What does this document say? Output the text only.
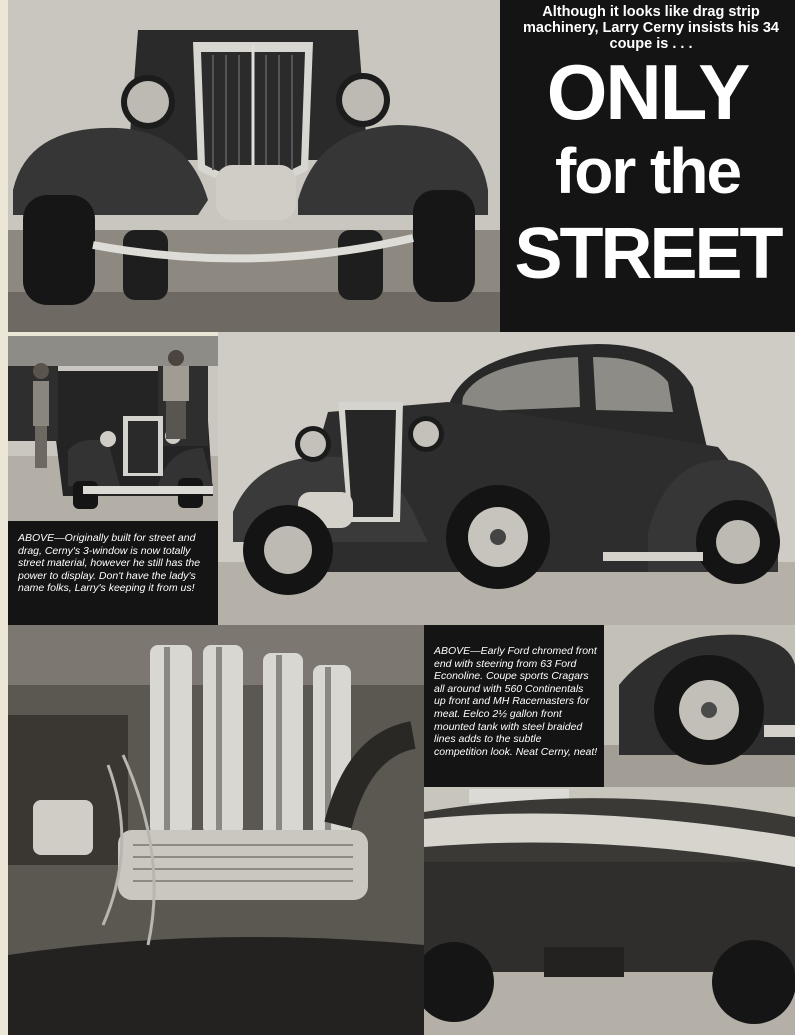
Although it looks like drag strip machinery, Larry Cerny insists his 34 coupe is . . .
ONLY
for the
STREET
ABOVE—Originally built for street and drag, Cerny's 3-window is now totally street material, however he still has the power to display. Don't have the lady's name folks, Larry's keeping it from us!
ABOVE—Early Ford chromed front end with steering from 63 Ford Econoline. Coupe sports Cragars all around with 560 Continentals up front and MH Racemasters for meat. Eelco 2½ gallon front mounted tank with steel braided lines adds to the subtle competition look. Neat Cerny, neat!
